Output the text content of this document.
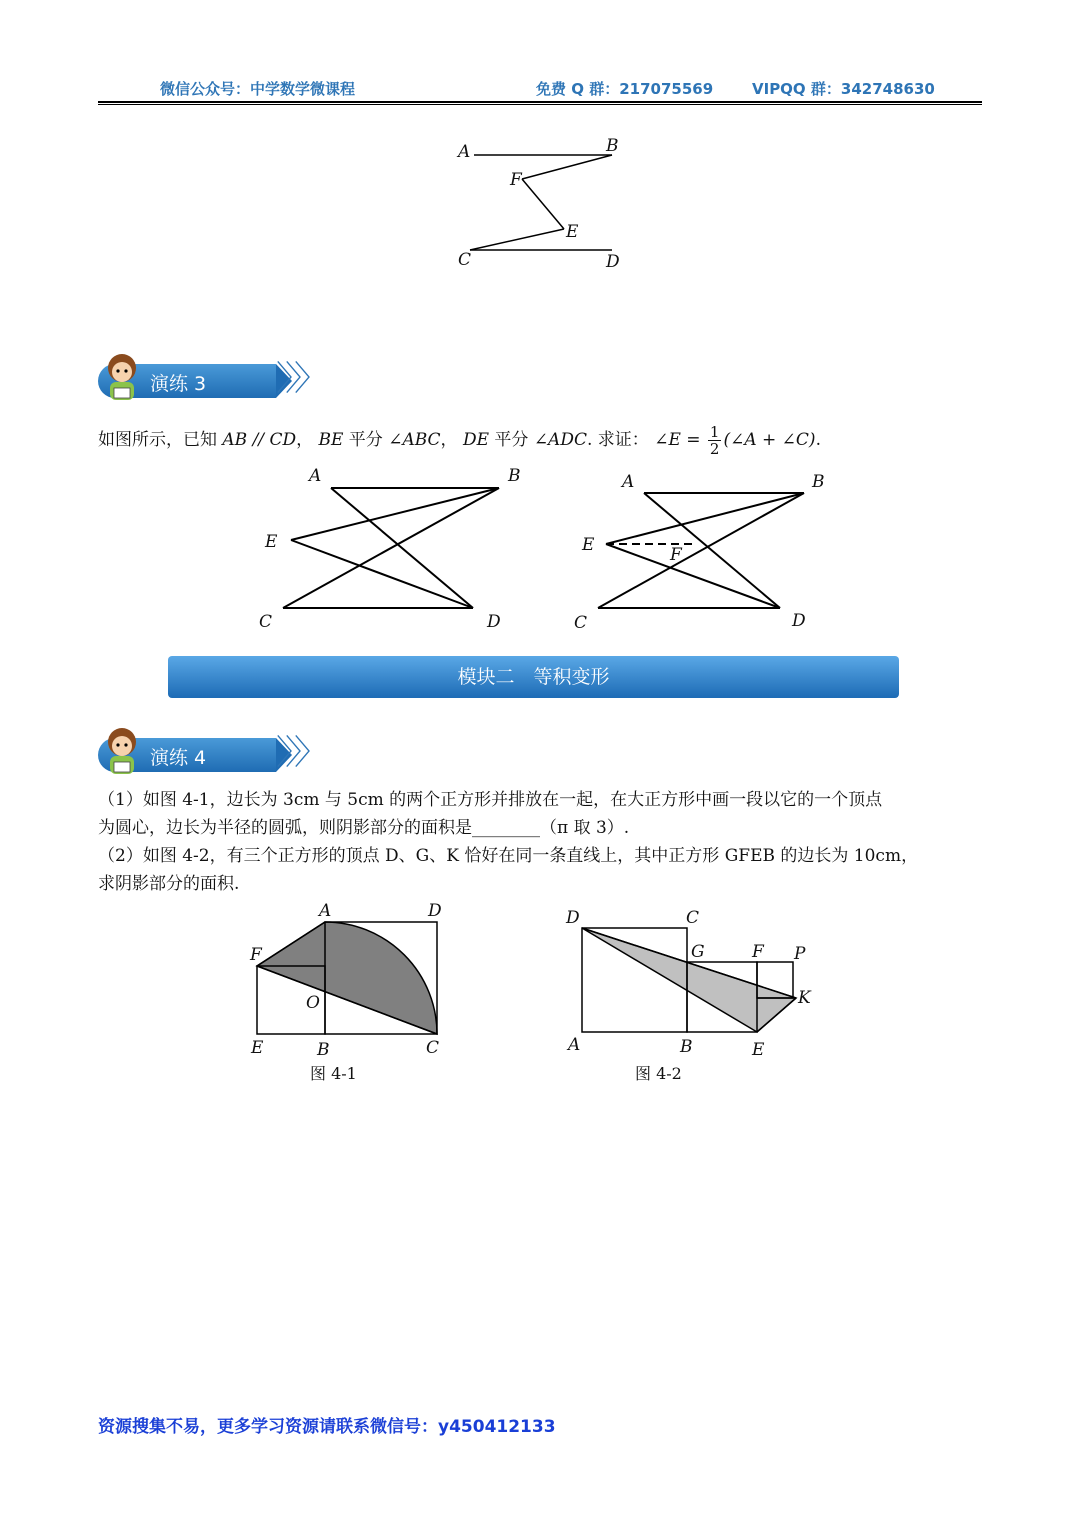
微信公众号：中学数学微课程	免费 Q 群：217075569	VIPQQ 群：342748630
A	B
F
E
C	D
演练 3 〉〉〉
如图所示，已知 AB // CD， BE 平分 ∠ABC， DE 平分 ∠ADC. 求证： ∠E = $\frac{1}{2}$ (∠A + ∠C).
A	B
E
C	D
A	B
E	F
C	D
模块二　等积变形
演练 4 〉〉〉
（1）如图 4-1，边长为 3cm 与 5cm 的两个正方形并排放在一起，在大正方形中画一段以它的一个顶点
为圆心，边长为半径的圆弧，则阴影部分的面积是________（π 取 3）.
（2）如图 4-2，有三个正方形的顶点 D、G、K 恰好在同一条直线上，其中正方形 GFEB 的边长为 10cm，
求阴影部分的面积.
A	D
F
O
E	B	C
图 4-1
D	C
G	F P
K
A	B	E
图 4-2
资源搜集不易，更多学习资源请联系微信号：y450412133
